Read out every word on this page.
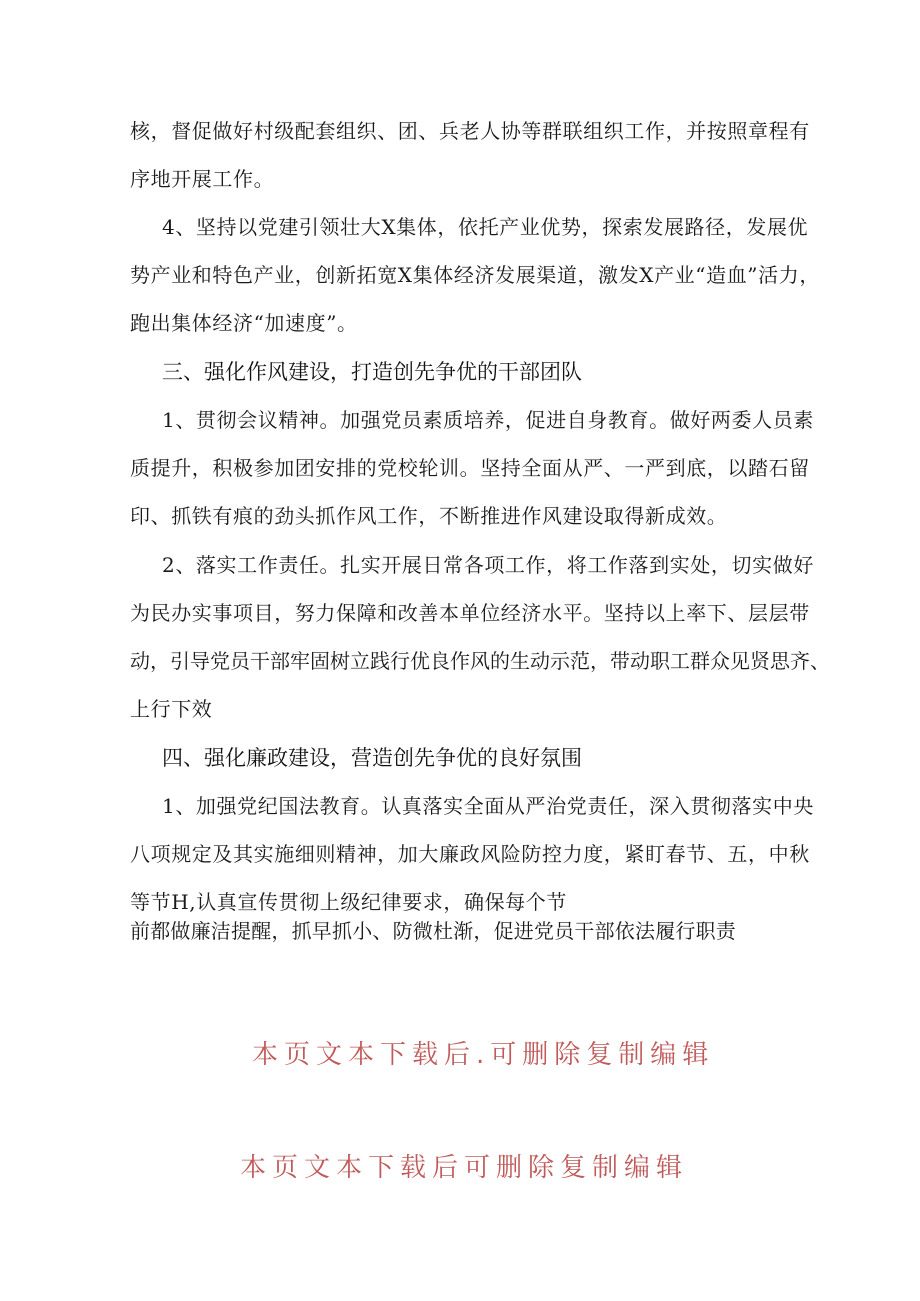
核，督促做好村级配套组织、团、兵老人协等群联组织工作，并按照章程有
序地开展工作。
4、坚持以党建引领壮大X集体，依托产业优势，探索发展路径，发展优
势产业和特色产业，创新拓宽X集体经济发展渠道，激发X产业“造血”活力，
跑出集体经济“加速度”。
三、强化作风建设，打造创先争优的干部团队
1、贯彻会议精神。加强党员素质培养，促进自身教育。做好两委人员素
质提升，积极参加团安排的党校轮训。坚持全面从严、一严到底，以踏石留
印、抓铁有痕的劲头抓作风工作，不断推进作风建设取得新成效。
2、落实工作责任。扎实开展日常各项工作，将工作落到实处，切实做好
为民办实事项目，努力保障和改善本单位经济水平。坚持以上率下、层层带
动，引导党员干部牢固树立践行优良作风的生动示范，带动职工群众见贤思齐、
上行下效
四、强化廉政建设，营造创先争优的良好氛围
1、加强党纪国法教育。认真落实全面从严治党责任，深入贯彻落实中央
八项规定及其实施细则精神，加大廉政风险防控力度，紧盯春节、五，中秋
等节H,认真宣传贯彻上级纪律要求，确保每个节
前都做廉洁提醒，抓早抓小、防微杜渐，促进党员干部依法履行职责
本页文本下载后.可删除复制编辑
本页文本下载后可删除复制编辑
